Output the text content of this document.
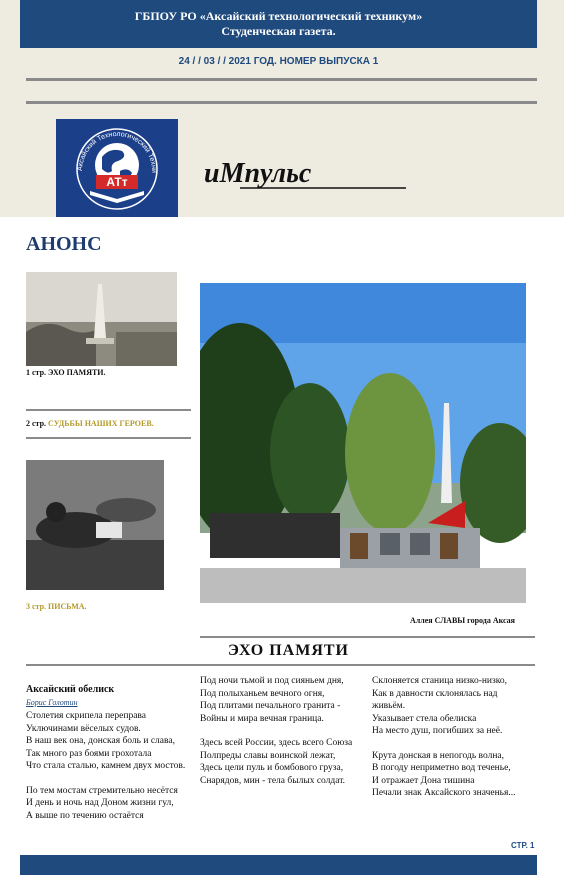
ГБПОУ РО «Аксайский технологический техникум»
Студенческая газета.
24 / / 03 / / 2021 ГОД. НОМЕР ВЫПУСКА 1
Аксайский Технологический Техни
АТт	иМпульс
АНОНС
1 стр. ЭХО ПАМЯТИ.
2 стр. СУДЬБЫ НАШИХ ГЕРОЕВ.
3 стр. ПИСЬМА.
Аллея СЛАВЫ города Аксая
ЭХО ПАМЯТИ
Аксайский обелиск
Борис Голотин

Столетия скрипела переправа

Уключинами вёселых судов.

В наш век она, донская боль и слава,

Так много раз боями грохотала

Что стала сталью, камнем двух мостов.

По тем мостам стремительно несётся

И день и ночь над Доном жизни гул,

А выше по течению остаётся

Под ночи тьмой и под сияньем дня,

Под полыханьем вечного огня,

Под плитами печального гранита -

Войны и мира вечная граница.

Здесь всей России, здесь всего Союза

Полпреды славы воинской лежат,

Здесь цели пуль и бомбового груза,

Снарядов, мин - тела былых солдат.

Склоняется станица низко-низко,

Как в давности склонялась над

живьём.

Указывает стела обелиска

На место душ, погибших за неё.

Крута донская в непогодь волна,

В погоду неприметно вод теченье,

И отражает Дона тишина

Печали знак Аксайского значенья...

СТР. 1
